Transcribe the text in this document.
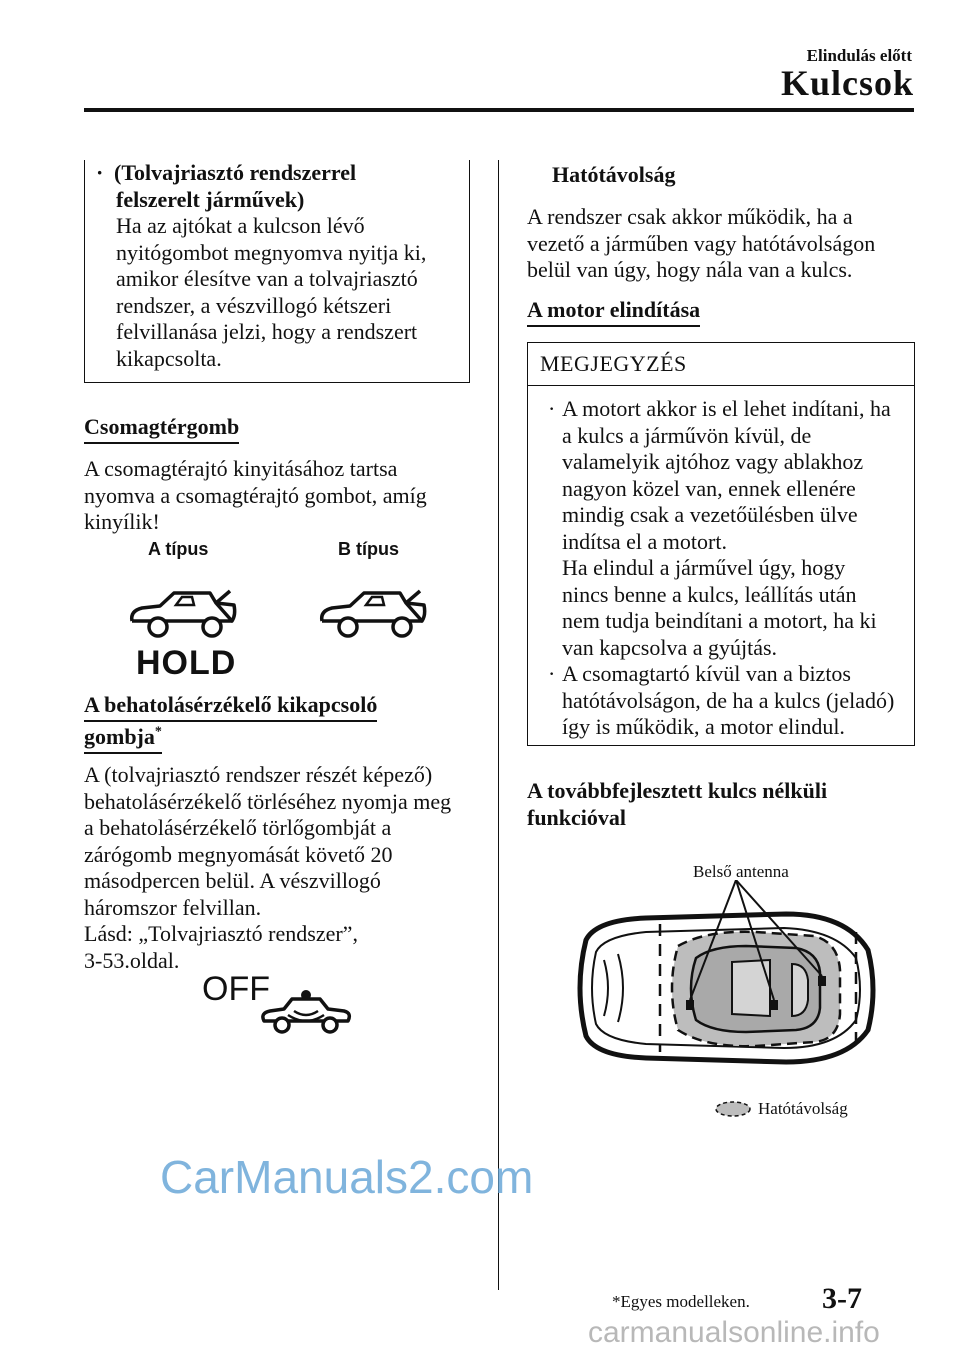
Elindulás előtt
Kulcsok
· (Tolvajriasztó rendszerrel
felszerelt járművek)
Ha az ajtókat a kulcson lévő
nyitógombot megnyomva nyitja ki,
amikor élesítve van a tolvajriasztó
rendszer, a vészvillogó kétszeri
felvillanása jelzi, hogy a rendszert
kikapcsolta.
Csomagtérgomb
A csomagtérajtó kinyitásához tartsa
nyomva a csomagtérajtó gombot, amíg
kinyílik!
A típus	B típus
HOLD
A behatolásérzékelő kikapcsoló
gombja*
A (tolvajriasztó rendszer részét képező)
behatolásérzékelő törléséhez nyomja meg
a behatolásérzékelő törlőgombját a
zárógomb megnyomását követő 20
másodpercen belül. A vészvillogó
háromszor felvillan.
Lásd: „Tolvajriasztó rendszer”,
3-53.oldal.
OFF
Hatótávolság
A rendszer csak akkor működik, ha a
vezető a járműben vagy hatótávolságon
belül van úgy, hogy nála van a kulcs.
A motor elindítása
MEGJEGYZÉS
· A motort akkor is el lehet indítani, ha
a kulcs a járművön kívül, de
valamelyik ajtóhoz vagy ablakhoz
nagyon közel van, ennek ellenére
mindig csak a vezetőülésben ülve
indítsa el a motort.
Ha elindul a járművel úgy, hogy
nincs benne a kulcs, leállítás után
nem tudja beindítani a motort, ha ki
van kapcsolva a gyújtás.
· A csomagtartó kívül van a biztos
hatótávolságon, de ha a kulcs (jeladó)
így is működik, a motor elindul.
A továbbfejlesztett kulcs nélküli
funkcióval
Belső antenna
Hatótávolság
CarManuals2.com
*Egyes modelleken. 3-7
carmanualsonline.info
